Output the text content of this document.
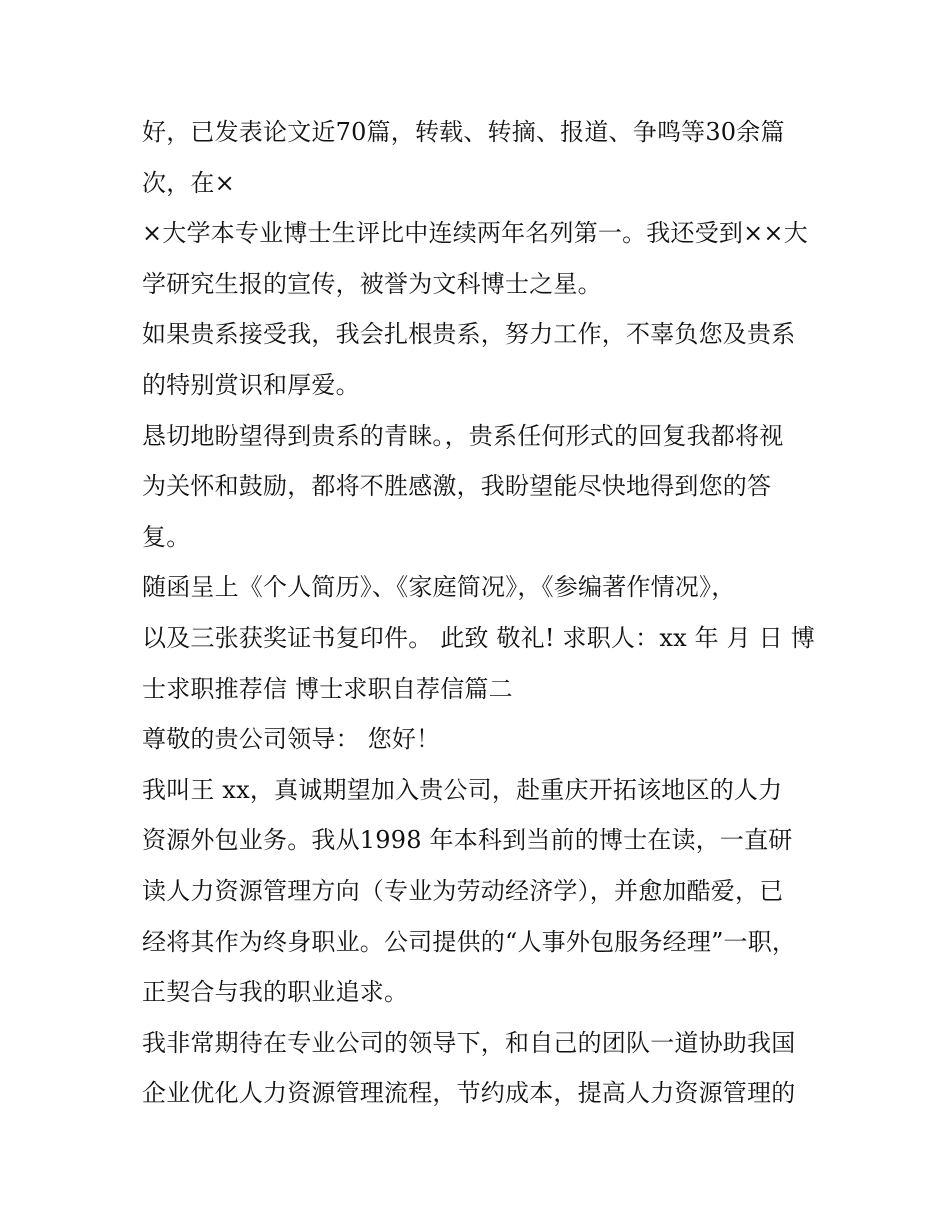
好，已发表论文近70篇，转载、转摘、报道、争鸣等30余篇
次，在×
×大学本专业博士生评比中连续两年名列第一。我还受到××大
学研究生报的宣传，被誉为文科博士之星。
如果贵系接受我，我会扎根贵系，努力工作，不辜负您及贵系
的特别赏识和厚爱。
恳切地盼望得到贵系的青睐。，贵系任何形式的回复我都将视
为关怀和鼓励，都将不胜感激，我盼望能尽快地得到您的答
复。
随函呈上《个人简历》、《家庭简况》，《参编著作情况》，
以及三张获奖证书复印件。 此致 敬礼! 求职人：xx 年 月 日 博
士求职推荐信 博士求职自荐信篇二
尊敬的贵公司领导： 您好！
我叫王 xx，真诚期望加入贵公司，赴重庆开拓该地区的人力
资源外包业务。我从1998 年本科到当前的博士在读，一直研
读人力资源管理方向（专业为劳动经济学），并愈加酷爱，已
经将其作为终身职业。公司提供的“人事外包服务经理”一职，
正契合与我的职业追求。
我非常期待在专业公司的领导下，和自己的团队一道协助我国
企业优化人力资源管理流程，节约成本，提高人力资源管理的
